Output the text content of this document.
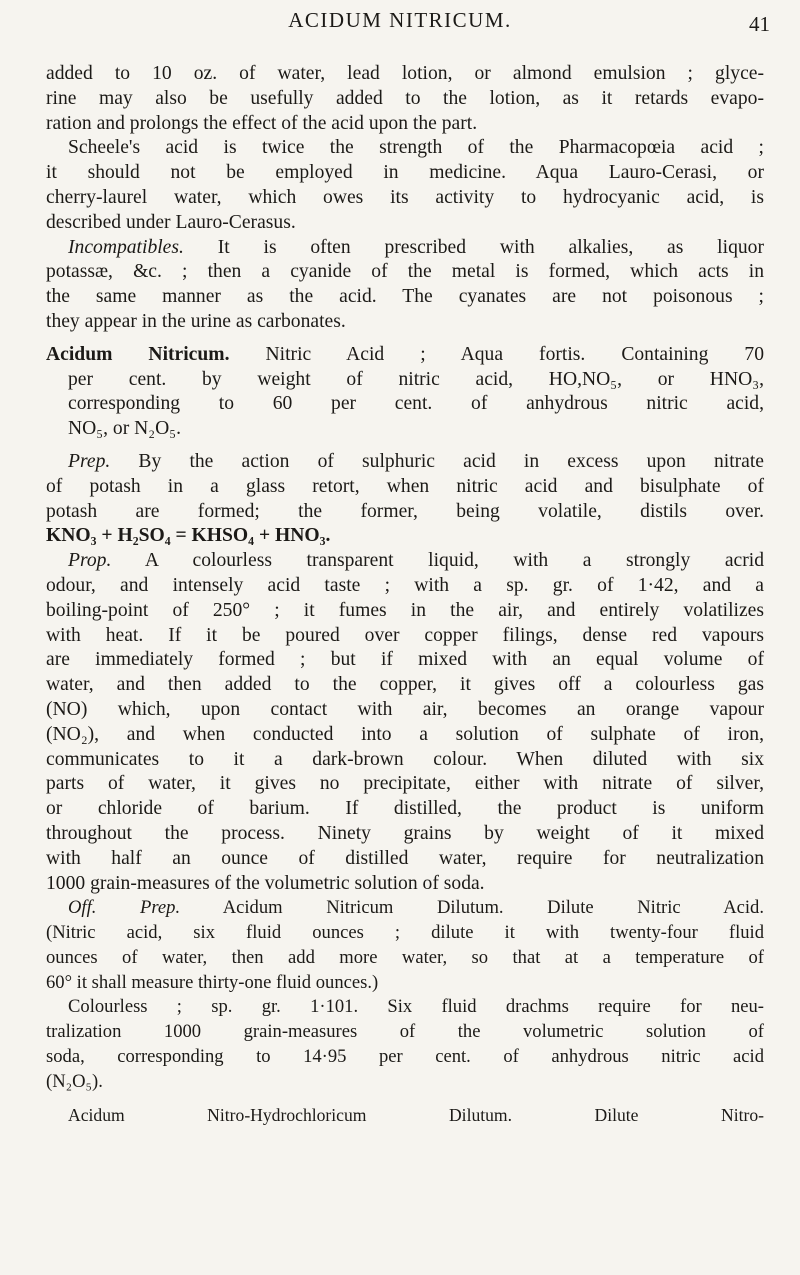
ACIDUM NITRICUM.	41
added to 10 oz. of water, lead lotion, or almond emulsion ; glyce-
rine may also be usefully added to the lotion, as it retards evapo-
ration and prolongs the effect of the acid upon the part.
Scheele's acid is twice the strength of the Pharmacopœia acid ;
it should not be employed in medicine. Aqua Lauro-Cerasi, or
cherry-laurel water, which owes its activity to hydrocyanic acid, is
described under Lauro-Cerasus.
Incompatibles. It is often prescribed with alkalies, as liquor
potassæ, &c. ; then a cyanide of the metal is formed, which acts in
the same manner as the acid. The cyanates are not poisonous ;
they appear in the urine as carbonates.
Acidum Nitricum. Nitric Acid ; Aqua fortis. Containing 70
per cent. by weight of nitric acid, HO,NO₅, or HNO₃,
corresponding to 60 per cent. of anhydrous nitric acid,
NO₅, or N₂O₅.
Prep. By the action of sulphuric acid in excess upon nitrate
of potash in a glass retort, when nitric acid and bisulphate of
potash are formed; the former, being volatile, distils over.
KNO₃ + H₂SO₄ = KHSO₄ + HNO₃.
Prop. A colourless transparent liquid, with a strongly acrid
odour, and intensely acid taste ; with a sp. gr. of 1·42, and a
boiling-point of 250° ; it fumes in the air, and entirely volatilizes
with heat. If it be poured over copper filings, dense red vapours
are immediately formed ; but if mixed with an equal volume of
water, and then added to the copper, it gives off a colourless gas
(NO) which, upon contact with air, becomes an orange vapour
(NO₂), and when conducted into a solution of sulphate of iron,
communicates to it a dark-brown colour. When diluted with six
parts of water, it gives no precipitate, either with nitrate of silver,
or chloride of barium. If distilled, the product is uniform
throughout the process. Ninety grains by weight of it mixed
with half an ounce of distilled water, require for neutralization
1000 grain-measures of the volumetric solution of soda.
Off. Prep. Acidum Nitricum Dilutum. Dilute Nitric Acid.
(Nitric acid, six fluid ounces ; dilute it with twenty-four fluid
ounces of water, then add more water, so that at a temperature of
60° it shall measure thirty-one fluid ounces.)
Colourless ; sp. gr. 1·101. Six fluid drachms require for neu-
tralization 1000 grain-measures of the volumetric solution of
soda, corresponding to 14·95 per cent. of anhydrous nitric acid
(N₂O₅).
Acidum Nitro-Hydrochloricum Dilutum. Dilute Nitro-
